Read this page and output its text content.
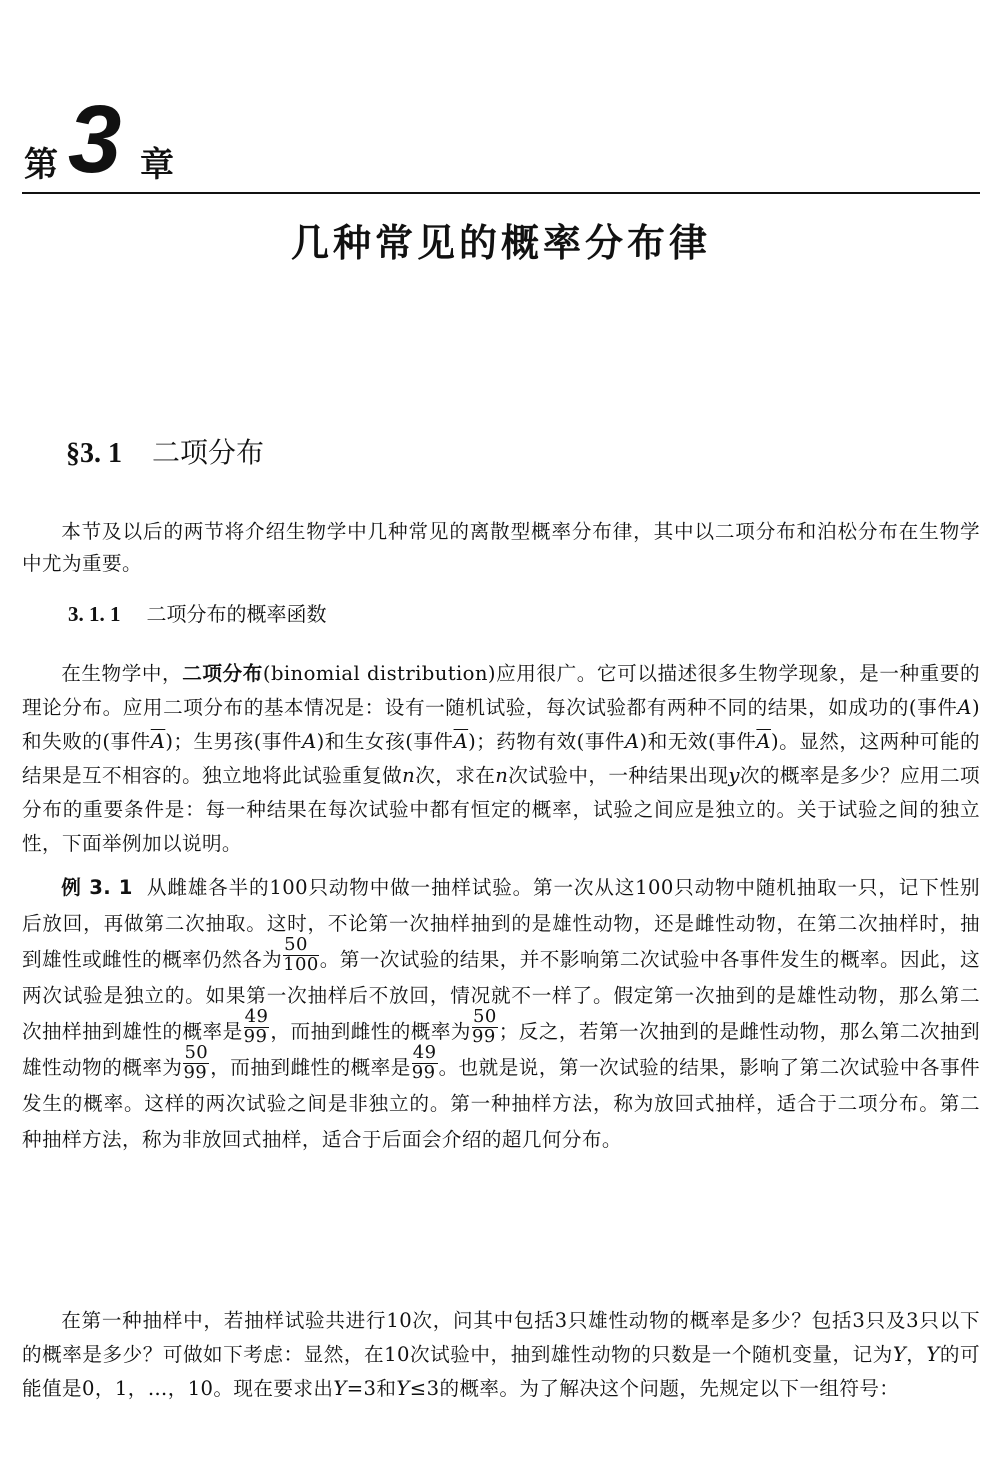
第 3 章
几种常见的概率分布律
§3. 1 二项分布

本节及以后的两节将介绍生物学中几种常见的离散型概率分布律，其中以二项分布和泊松分布在生物学中尤为重要。

3. 1. 1 二项分布的概率函数

在生物学中，二项分布(binomial distribution)应用很广。它可以描述很多生物学现象，是一种重要的理论分布。应用二项分布的基本情况是：设有一随机试验，每次试验都有两种不同的结果，如成功的(事件A)和失败的(事件$\overline{A}$)；生男孩(事件A)和生女孩(事件$\overline{A}$)；药物有效(事件A)和无效(事件$\overline{A}$)。显然，这两种可能的结果是互不相容的。独立地将此试验重复做n次，求在n次试验中，一种结果出现y次的概率是多少？应用二项分布的重要条件是：每一种结果在每次试验中都有恒定的概率，试验之间应是独立的。关于试验之间的独立性，下面举例加以说明。

例 3. 1 从雌雄各半的100只动物中做一抽样试验。第一次从这100只动物中随机抽取一只，记下性别后放回，再做第二次抽取。这时，不论第一次抽样抽到的是雄性动物，还是雌性动物，在第二次抽样时，抽到雄性或雌性的概率仍然各为 $\frac{50}{100}$ 。第一次试验的结果，并不影响第二次试验中各事件发生的概率。因此，这两次试验是独立的。如果第一次抽样后不放回，情况就不一样了。假定第一次抽到的是雄性动物，那么第二次抽样抽到雄性的概率是 $\frac{49}{99}$ ，而抽到雌性的概率为 $\frac{50}{99}$ ；反之，若第一次抽到的是雌性动物，那么第二次抽到雄性动物的概率为 $\frac{50}{99}$ ，而抽到雌性的概率是 $\frac{49}{99}$ 。也就是说，第一次试验的结果，影响了第二次试验中各事件发生的概率。这样的两次试验之间是非独立的。第一种抽样方法，称为放回式抽样，适合于二项分布。第二种抽样方法，称为非放回式抽样，适合于后面会介绍的超几何分布。

在第一种抽样中，若抽样试验共进行10次，问其中包括3只雄性动物的概率是多少？包括3只及3只以下的概率是多少？可做如下考虑：显然，在10次试验中，抽到雄性动物的只数是一个随机变量，记为Y，Y的可能值是0，1，…，10。现在要求出Y=3和Y≤3的概率。为了解决这个问题，先规定以下一组符号：
